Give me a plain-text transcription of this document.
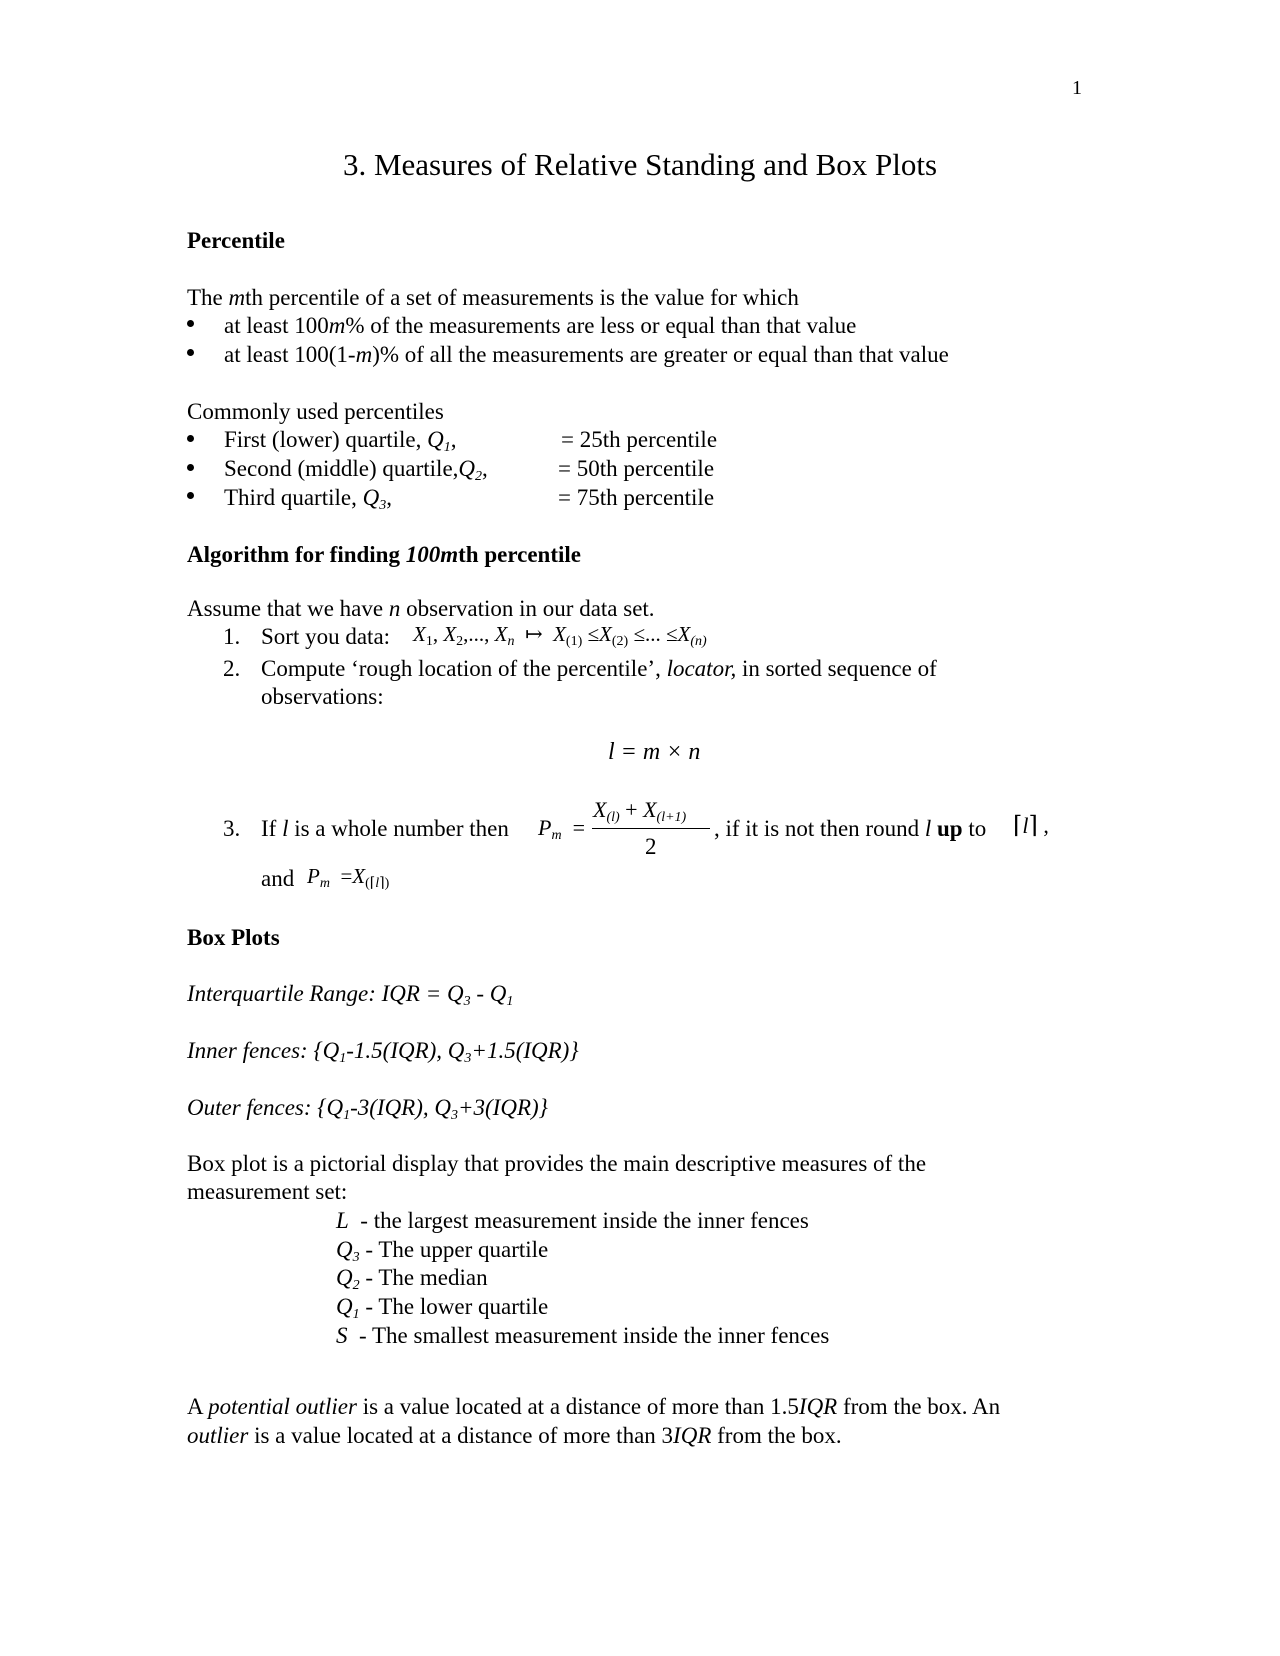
1
3. Measures of Relative Standing and Box Plots
Percentile
The mth percentile of a set of measurements is the value for which
at least 100m% of the measurements are less or equal than that value
at least 100(1-m)% of all the measurements are greater or equal than that value
Commonly used percentiles
First (lower) quartile, $Q_1$,	= 25th percentile
Second (middle) $quartile,Q_2$,	= 50th percentile
Third quartile, $Q_3$,	= 75th percentile
Algorithm for finding 100mth percentile
Assume that we have n observation in our data set.
1. Sort you data: X1, X2,..., $X_n$  ↦  X(1) ≤X(2) ≤... $\le X_{(n)}$
2. Compute ‘rough location of the percentile’, locator, in sorted sequence of
observations:
l = m × n
3. If l is a whole number then $P_m$  =
$X_{(l)} + X_{(l+1)}$
2
, if it is not then round l up to ⌈l⌉ ,
and $P_m$  =X(⌈l⌉)
Box Plots
Interquartile Range: IQR = $Q_3 - Q_1$
Inner fences: {$Q_1-1.5(IQR)$, $Q_3+1.5(IQR)$}
Outer fences: {$Q_1-3(IQR)$, $Q_3+3(IQR)$}
Box plot is a pictorial display that provides the main descriptive measures of the
measurement set:
L  - the largest measurement inside the inner fences
$Q_3$ - The upper quartile
$Q_2$ - The median
$Q_1$ - The lower quartile
S  - The smallest measurement inside the inner fences
A potential outlier is a value located at a distance of more than 1.5IQR from the box. An
outlier is a value located at a distance of more than 3IQR from the box.
